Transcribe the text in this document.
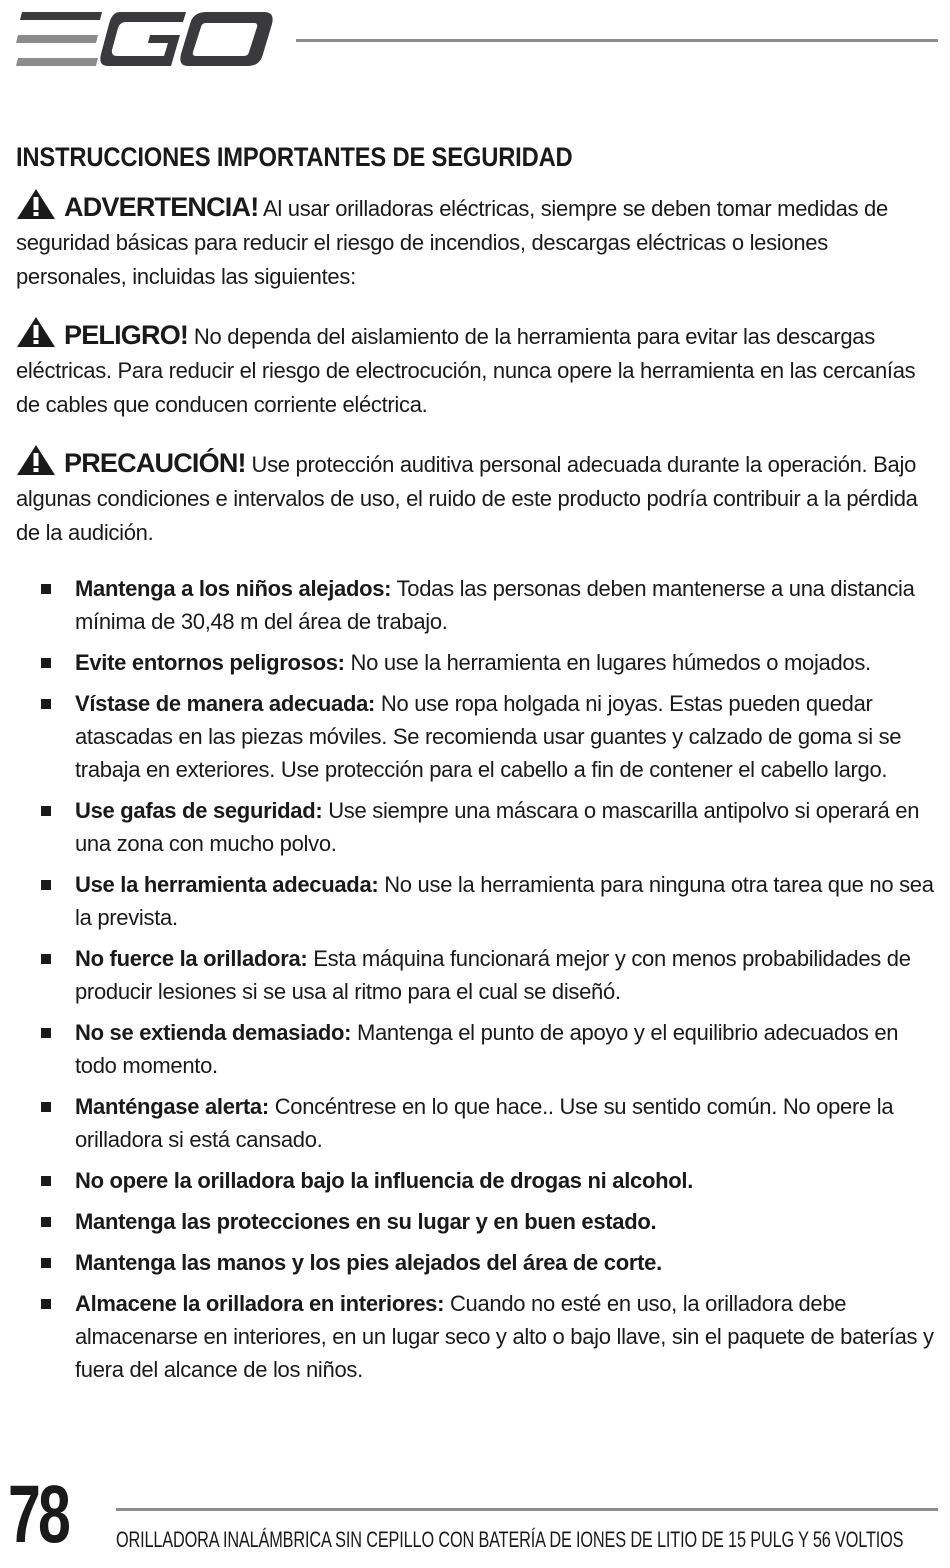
INSTRUCCIONES IMPORTANTES DE SEGURIDAD

ADVERTENCIA! Al usar orilladoras eléctricas, siempre se deben tomar medidas de seguridad básicas para reducir el riesgo de incendios, descargas eléctricas o lesiones personales, incluidas las siguientes:

PELIGRO! No dependa del aislamiento de la herramienta para evitar las descargas eléctricas. Para reducir el riesgo de electrocución, nunca opere la herramienta en las cercanías de cables que conducen corriente eléctrica.

PRECAUCIÓN! Use protección auditiva personal adecuada durante la operación. Bajo algunas condiciones e intervalos de uso, el ruido de este producto podría contribuir a la pérdida de la audición.

Mantenga a los niños alejados: Todas las personas deben mantenerse a una distancia mínima de 30,48 m del área de trabajo.
Evite entornos peligrosos: No use la herramienta en lugares húmedos o mojados.
Vístase de manera adecuada: No use ropa holgada ni joyas. Estas pueden quedar atascadas en las piezas móviles. Se recomienda usar guantes y calzado de goma si se trabaja en exteriores. Use protección para el cabello a fin de contener el cabello largo.
Use gafas de seguridad: Use siempre una máscara o mascarilla antipolvo si operará en una zona con mucho polvo.
Use la herramienta adecuada: No use la herramienta para ninguna otra tarea que no sea la prevista.
No fuerce la orilladora: Esta máquina funcionará mejor y con menos probabilidades de producir lesiones si se usa al ritmo para el cual se diseñó.
No se extienda demasiado: Mantenga el punto de apoyo y el equilibrio adecuados en todo momento.
Manténgase alerta: Concéntrese en lo que hace.. Use su sentido común. No opere la orilladora si está cansado.
No opere la orilladora bajo la influencia de drogas ni alcohol.
Mantenga las protecciones en su lugar y en buen estado.
Mantenga las manos y los pies alejados del área de corte.
Almacene la orilladora en interiores: Cuando no esté en uso, la orilladora debe almacenarse en interiores, en un lugar seco y alto o bajo llave, sin el paquete de baterías y fuera del alcance de los niños.
78 ORILLADORA INALÁMBRICA SIN CEPILLO CON BATERÍA DE IONES DE LITIO DE 15 PULG Y 56 VOLTIOS
